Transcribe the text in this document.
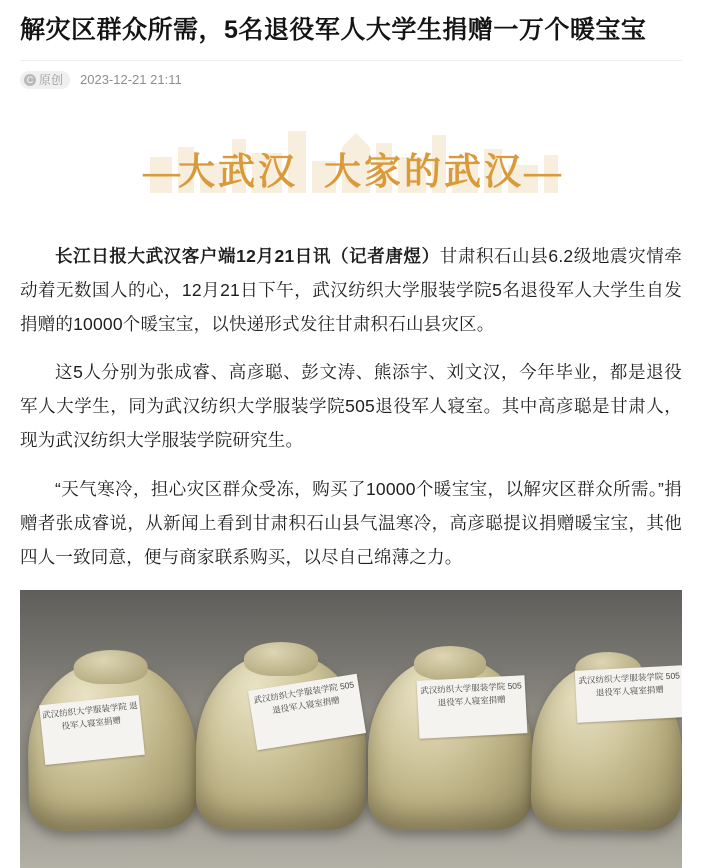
解灾区群众所需，5名退役军人大学生捐赠一万个暖宝宝
C 原创 2023-12-21 21:11
—大武汉 大家的武汉—

长江日报大武汉客户端12月21日讯（记者唐煜）甘肃积石山县6.2级地震灾情牵动着无数国人的心，12月21日下午，武汉纺织大学服装学院5名退役军人大学生自发捐赠的10000个暖宝宝，以快递形式发往甘肃积石山县灾区。

这5人分别为张成睿、高彦聪、彭文涛、熊添宇、刘文汉，今年毕业，都是退役军人大学生，同为武汉纺织大学服装学院505退役军人寝室。其中高彦聪是甘肃人，现为武汉纺织大学服装学院研究生。

“天气寒冷，担心灾区群众受冻，购买了10000个暖宝宝，以解灾区群众所需。”捐赠者张成睿说，从新闻上看到甘肃积石山县气温寒冷，高彦聪提议捐赠暖宝宝，其他四人一致同意，便与商家联系购买，以尽自己绵薄之力。

武汉纺织大学服装学院 退役军人寝室捐赠
武汉纺织大学服装学院 505 退役军人寝室捐赠
武汉纺织大学服装学院 505 退役军人寝室捐赠
武汉纺织大学服装学院 505 退役军人寝室捐赠
